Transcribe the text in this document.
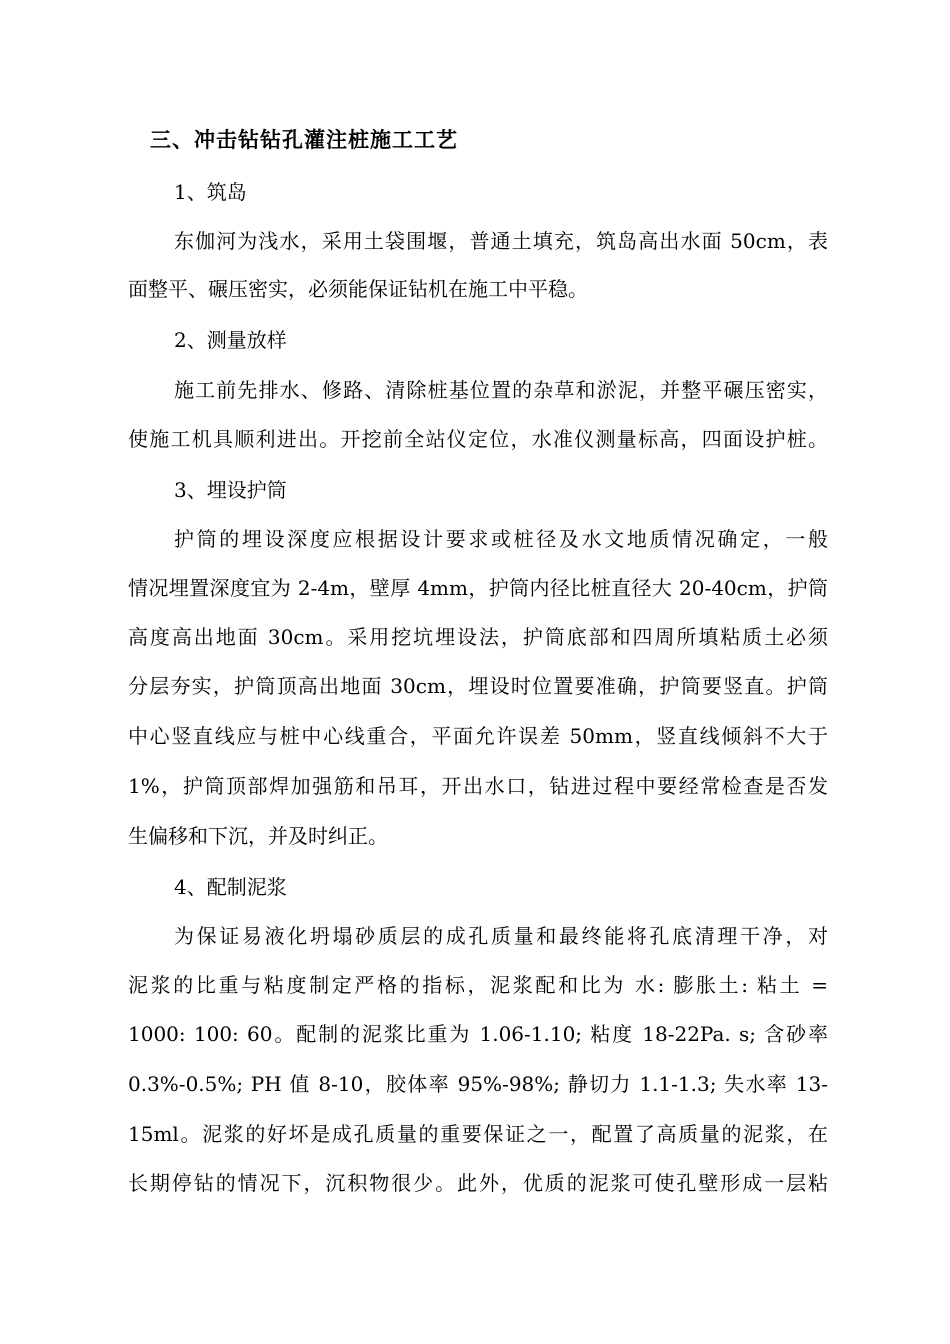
三、冲击钻钻孔灌注桩施工工艺
1、筑岛
东伽河为浅水，采用土袋围堰，普通土填充，筑岛高出水面 50cm，表
面整平、碾压密实，必须能保证钻机在施工中平稳。
2、测量放样
施工前先排水、修路、清除桩基位置的杂草和淤泥，并整平碾压密实，
使施工机具顺利进出。开挖前全站仪定位，水准仪测量标高，四面设护桩。
3、埋设护筒
护筒的埋设深度应根据设计要求或桩径及水文地质情况确定，一般
情况埋置深度宜为 2-4m，壁厚 4mm，护筒内径比桩直径大 20-40cm，护筒
高度高出地面 30cm。采用挖坑埋设法，护筒底部和四周所填粘质土必须
分层夯实，护筒顶高出地面 30cm，埋设时位置要准确，护筒要竖直。护筒
中心竖直线应与桩中心线重合，平面允许误差 50mm，竖直线倾斜不大于
1%，护筒顶部焊加强筋和吊耳，开出水口，钻进过程中要经常检查是否发
生偏移和下沉，并及时纠正。
4、配制泥浆
为保证易液化坍塌砂质层的成孔质量和最终能将孔底清理干净，对
泥浆的比重与粘度制定严格的指标，泥浆配和比为 水: 膨胀土: 粘土 =
1000: 100: 60。配制的泥浆比重为 1.06-1.10; 粘度 18-22Pa. s; 含砂率
0.3%-0.5%; PH 值 8-10，胶体率 95%-98%; 静切力 1.1-1.3; 失水率 13-
15ml。泥浆的好坏是成孔质量的重要保证之一，配置了高质量的泥浆，在
长期停钻的情况下，沉积物很少。此外，优质的泥浆可使孔壁形成一层粘
